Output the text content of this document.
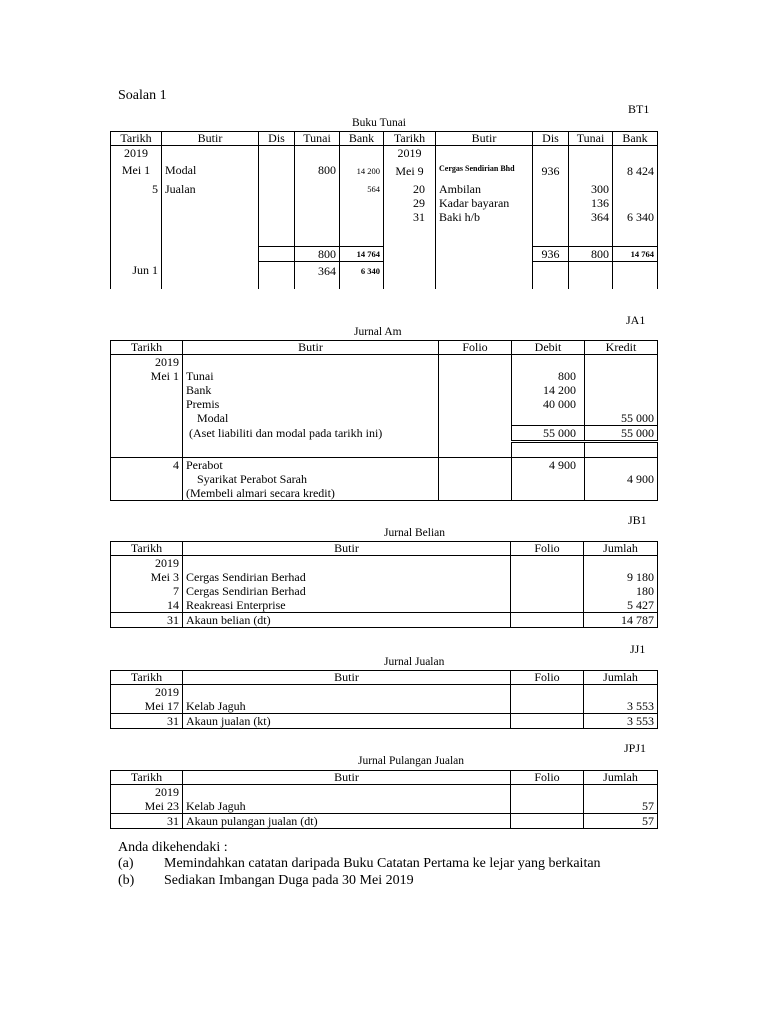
Soalan 1
BT1
Buku Tunai
Tarikh	Butir	Dis	Tunai	Bank	Tarikh	Butir	Dis	Tunai	Bank
2019					2019				
Mei 1	Modal		800	14 200	Mei 9	Cergas Sendirian Bhd	936		8 424
5	Jualan			564	20	Ambilan		300	
					29	Kadar bayaran		136	
					31	Baki h/b		364	6 340

			800	14 764			936	800	14 764
Jun 1			364	6 340					
JA1
Jurnal Am
Tarikh	Butir	Folio	Debit	Kredit
2019				
Mei 1	Tunai		800	
	Bank		14 200	
	Premis		40 000	
	Modal			55 000
	(Aset liabiliti dan modal pada tarikh ini)		55 000	55 000

4	Perabot		4 900	
	Syarikat Perabot Sarah			4 900
	(Membeli almari secara kredit)			
JB1
Jurnal Belian
Tarikh	Butir	Folio	Jumlah
2019			
Mei 3	Cergas Sendirian Berhad		9 180
7	Cergas Sendirian Berhad		180
14	Reakreasi Enterprise		5 427
31	Akaun belian (dt)		14 787
JJ1
Jurnal Jualan
Tarikh	Butir	Folio	Jumlah
2019			
Mei 17	Kelab Jaguh		3 553
31	Akaun jualan (kt)		3 553
JPJ1
Jurnal Pulangan Jualan
Tarikh	Butir	Folio	Jumlah
2019			
Mei 23	Kelab Jaguh		57
31	Akaun pulangan jualan (dt)		57
Anda dikehendaki :
(a) Memindahkan catatan daripada Buku Catatan Pertama ke lejar yang berkaitan
(b) Sediakan Imbangan Duga pada 30 Mei 2019
